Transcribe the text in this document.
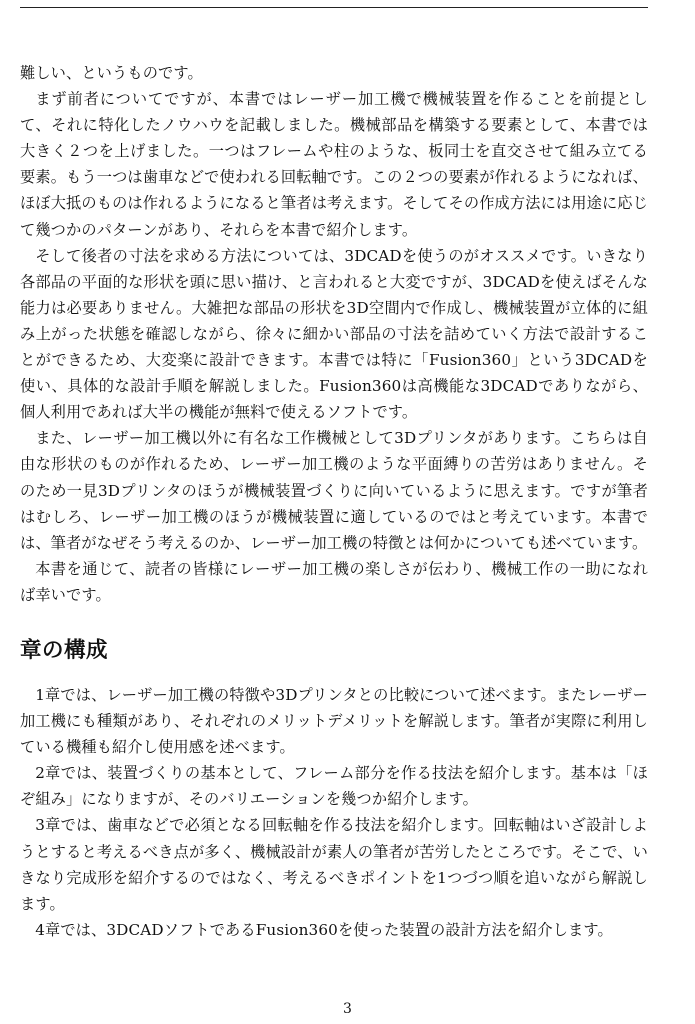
難しい、というものです。

まず前者についてですが、本書ではレーザー加工機で機械装置を作ることを前提として、それに特化したノウハウを記載しました。機械部品を構築する要素として、本書では大きく２つを上げました。一つはフレームや柱のような、板同士を直交させて組み立てる要素。もう一つは歯車などで使われる回転軸です。この２つの要素が作れるようになれば、ほぼ大抵のものは作れるようになると筆者は考えます。そしてその作成方法には用途に応じて幾つかのパターンがあり、それらを本書で紹介します。

そして後者の寸法を求める方法については、3DCADを使うのがオススメです。いきなり各部品の平面的な形状を頭に思い描け、と言われると大変ですが、3DCADを使えばそんな能力は必要ありません。大雑把な部品の形状を3D空間内で作成し、機械装置が立体的に組み上がった状態を確認しながら、徐々に細かい部品の寸法を詰めていく方法で設計することができるため、大変楽に設計できます。本書では特に「Fusion360」という3DCADを使い、具体的な設計手順を解説しました。Fusion360は高機能な3DCADでありながら、個人利用であれば大半の機能が無料で使えるソフトです。

また、レーザー加工機以外に有名な工作機械として3Dプリンタがあります。こちらは自由な形状のものが作れるため、レーザー加工機のような平面縛りの苦労はありません。そのため一見3Dプリンタのほうが機械装置づくりに向いているように思えます。ですが筆者はむしろ、レーザー加工機のほうが機械装置に適しているのではと考えています。本書では、筆者がなぜそう考えるのか、レーザー加工機の特徴とは何かについても述べています。

本書を通じて、読者の皆様にレーザー加工機の楽しさが伝わり、機械工作の一助になれば幸いです。

章の構成

1章では、レーザー加工機の特徴や3Dプリンタとの比較について述べます。またレーザー加工機にも種類があり、それぞれのメリットデメリットを解説します。筆者が実際に利用している機種も紹介し使用感を述べます。

2章では、装置づくりの基本として、フレーム部分を作る技法を紹介します。基本は「ほぞ組み」になりますが、そのバリエーションを幾つか紹介します。

3章では、歯車などで必須となる回転軸を作る技法を紹介します。回転軸はいざ設計しようとすると考えるべき点が多く、機械設計が素人の筆者が苦労したところです。そこで、いきなり完成形を紹介するのではなく、考えるべきポイントを1つづつ順を追いながら解説します。

4章では、3DCADソフトであるFusion360を使った装置の設計方法を紹介します。

3
